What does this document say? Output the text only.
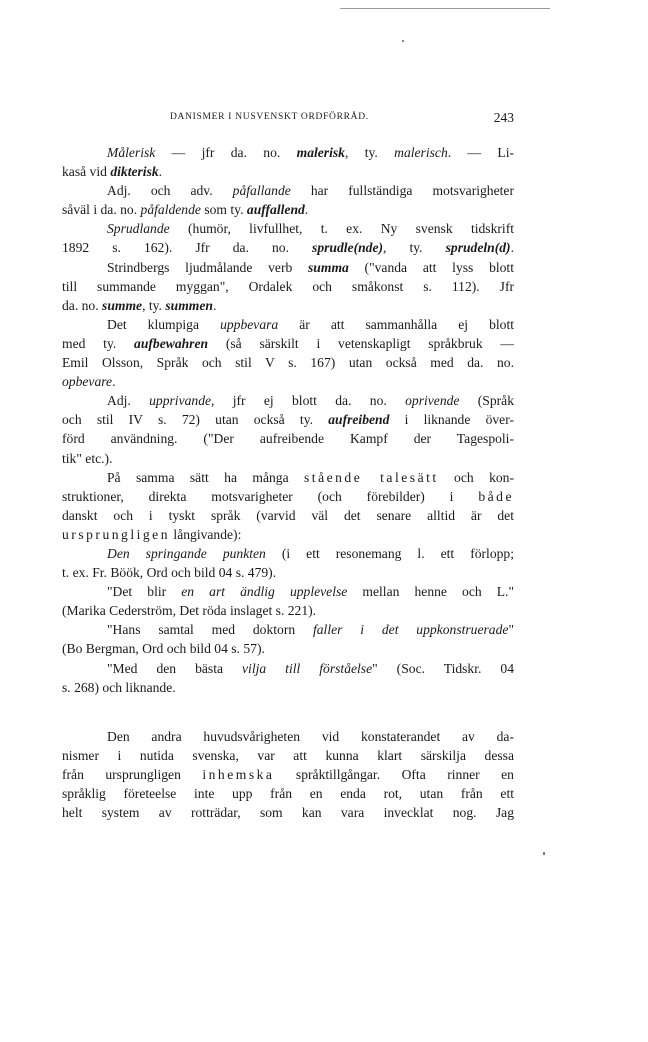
DANISMER I NUSVENSKT ORDFÖRRÅD.	243
Målerisk — jfr da. no. malerisk, ty. malerisch. — Li-
kaså vid dikterisk.
Adj. och adv. påfallande har fullständiga motsvarigheter
såväl i da. no. påfaldende som ty. auffallend.
Sprudlande (humör, livfullhet, t. ex. Ny svensk tidskrift
1892 s. 162). Jfr da. no. sprudle(nde), ty. sprudeln(d).
Strindbergs ljudmålande verb summa ("vanda att lyss blott
till summande myggan", Ordalek och småkonst s. 112). Jfr
da. no. summe, ty. summen.
Det klumpiga uppbevara är att sammanhålla ej blott
med ty. aufbewahren (så särskilt i vetenskapligt språkbruk —
Emil Olsson, Språk och stil V s. 167) utan också med da. no.
opbevare.
Adj. upprivande, jfr ej blott da. no. oprivende (Språk
och stil IV s. 72) utan också ty. aufreibend i liknande över-
förd användning. ("Der aufreibende Kampf der Tagespoli-
tik" etc.).
På samma sätt ha många stående talesätt och kon-
struktioner, direkta motsvarigheter (och förebilder) i både
danskt och i tyskt språk (varvid väl det senare alltid är det
ursprungligen långivande):
Den springande punkten (i ett resonemang l. ett förlopp;
t. ex. Fr. Böök, Ord och bild 04 s. 479).
"Det blir en art ändlig upplevelse mellan henne och L."
(Marika Cederström, Det röda inslaget s. 221).
"Hans samtal med doktorn faller i det uppkonstruerade"
(Bo Bergman, Ord och bild 04 s. 57).
"Med den bästa vilja till förståelse" (Soc. Tidskr. 04
s. 268) och liknande.
Den andra huvudsvårigheten vid konstaterandet av da-
nismer i nutida svenska, var att kunna klart särskilja dessa
från ursprungligen inhemska språktillgångar. Ofta rinner en
språklig företeelse inte upp från en enda rot, utan från ett
helt system av rotträdar, som kan vara invecklat nog. Jag
